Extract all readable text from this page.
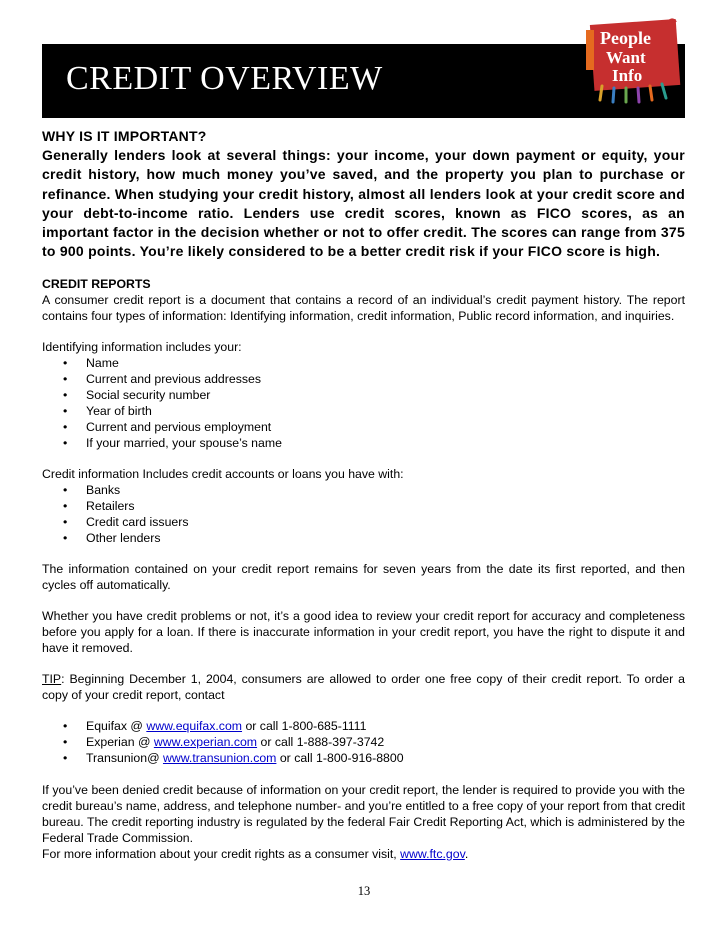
CREDIT OVERVIEW
People
Want
Info
WHY IS IT IMPORTANT?
Generally lenders look at several things: your income, your down payment or equity, your credit history, how much money you’ve saved, and the property you plan to purchase or refinance. When studying your credit history, almost all lenders look at your credit score and your debt-to-income ratio. Lenders use credit scores, known as FICO scores, as an important factor in the decision whether or not to offer credit. The scores can range from 375 to 900 points. You’re likely considered to be a better credit risk if your FICO score is high.
CREDIT REPORTS

A consumer credit report is a document that contains a record of an individual’s credit payment history. The report contains four types of information: Identifying information, credit information, Public record information, and inquiries.

Identifying information includes your:

• Name
• Current and previous addresses
• Social security number
• Year of birth
• Current and pervious employment
• If your married, your spouse’s name

Credit information Includes credit accounts or loans you have with:

• Banks
• Retailers
• Credit card issuers
• Other lenders

The information contained on your credit report remains for seven years from the date its first reported, and then cycles off automatically.

Whether you have credit problems or not, it’s a good idea to review your credit report for accuracy and completeness before you apply for a loan. If there is inaccurate information in your credit report, you have the right to dispute it and have it removed.

TIP: Beginning December 1, 2004, consumers are allowed to order one free copy of their credit report. To order a copy of your credit report, contact

• Equifax @ www.equifax.com or call 1-800-685-1111
• Experian @ www.experian.com or call 1-888-397-3742
• Transunion@ www.transunion.com or call 1-800-916-8800

If you’ve been denied credit because of information on your credit report, the lender is required to provide you with the credit bureau’s name, address, and telephone number- and you’re entitled to a free copy of your report from that credit bureau. The credit reporting industry is regulated by the federal Fair Credit Reporting Act, which is administered by the Federal Trade Commission.

For more information about your credit rights as a consumer visit, www.ftc.gov.

13
